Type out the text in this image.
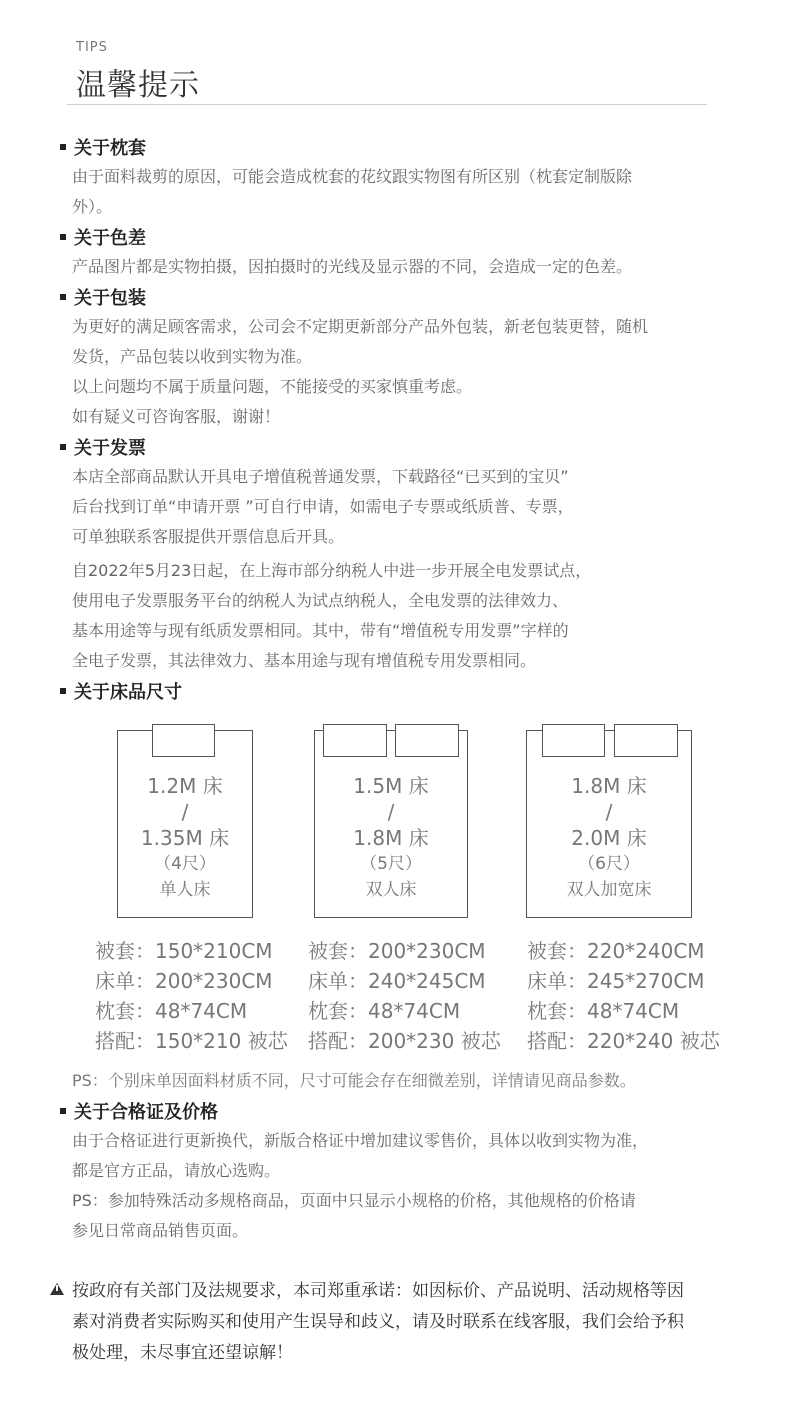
TIPS
温馨提示
关于枕套

由于面料裁剪的原因，可能会造成枕套的花纹跟实物图有所区别（枕套定制版除
外）。

关于色差

产品图片都是实物拍摄，因拍摄时的光线及显示器的不同，会造成一定的色差。

关于包装

为更好的满足顾客需求，公司会不定期更新部分产品外包装，新老包装更替，随机
发货，产品包装以收到实物为准。

以上问题均不属于质量问题，不能接受的买家慎重考虑。

如有疑义可咨询客服，谢谢！

关于发票

本店全部商品默认开具电子增值税普通发票，下载路径“已买到的宝贝”
后台找到订单“申请开票 ”可自行申请，如需电子专票或纸质普、专票，
可单独联系客服提供开票信息后开具。

自2022年5月23日起，在上海市部分纳税人中进一步开展全电发票试点，
使用电子发票服务平台的纳税人为试点纳税人，全电发票的法律效力、
基本用途等与现有纸质发票相同。其中，带有“增值税专用发票”字样的
全电子发票，其法律效力、基本用途与现有增值税专用发票相同。

关于床品尺寸
1.2M 床
/
1.35M 床
（4尺）
单人床
1.5M 床
/
1.8M 床
（5尺）
双人床
1.8M 床
/
2.0M 床
（6尺）
双人加宽床
被套：150*210CM
床单：200*230CM
枕套：48*74CM
搭配：150*210 被芯
被套：200*230CM
床单：240*245CM
枕套：48*74CM
搭配：200*230 被芯
被套：220*240CM
床单：245*270CM
枕套：48*74CM
搭配：220*240 被芯
PS：个别床单因面料材质不同，尺寸可能会存在细微差别，详情请见商品参数。
关于合格证及价格

由于合格证进行更新换代，新版合格证中增加建议零售价，具体以收到实物为准，
都是官方正品，请放心选购。

PS：参加特殊活动多规格商品，页面中只显示小规格的价格，其他规格的价格请
参见日常商品销售页面。

按政府有关部门及法规要求，本司郑重承诺：如因标价、产品说明、活动规格等因
素对消费者实际购买和使用产生误导和歧义，请及时联系在线客服，我们会给予积
极处理，未尽事宜还望谅解！
